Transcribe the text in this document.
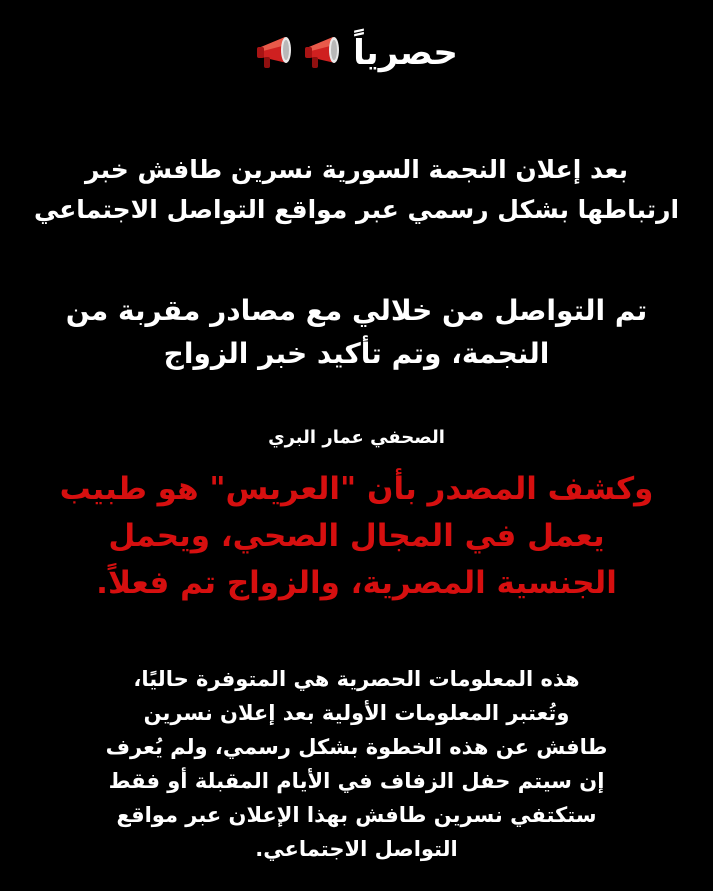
حصرياً
بعد إعلان النجمة السورية نسرين طافش خبر
ارتباطها بشكل رسمي عبر مواقع التواصل الاجتماعي
تم التواصل من خلالي مع مصادر مقربة من
النجمة، وتم تأكيد خبر الزواج
الصحفي عمار البري
وكشف المصدر بأن "العريس" هو طبيب
يعمل في المجال الصحي، ويحمل
الجنسية المصرية، والزواج تم فعلاً.
هذه المعلومات الحصرية هي المتوفرة حاليًا،
وتُعتبر المعلومات الأولية بعد إعلان نسرين
طافش عن هذه الخطوة بشكل رسمي، ولم يُعرف
إن سيتم حفل الزفاف في الأيام المقبلة أو فقط
ستكتفي نسرين طافش بهذا الإعلان عبر مواقع
التواصل الاجتماعي.
